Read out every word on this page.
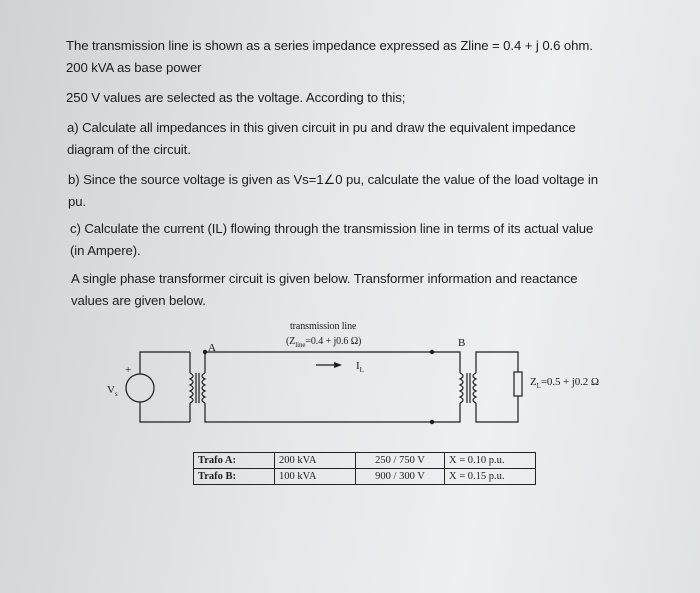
The transmission line is shown as a series impedance expressed as Zline = 0.4 + j 0.6 ohm.
200 kVA as base power
250 V values are selected as the voltage. According to this;
a) Calculate all impedances in this given circuit in pu and draw the equivalent impedance
diagram of the circuit.
b) Since the source voltage is given as Vs=1∠0 pu, calculate the value of the load voltage in
pu.
c) Calculate the current (IL) flowing through the transmission line in terms of its actual value
(in Ampere).
A single phase transformer circuit is given below. Transformer information and reactance
values are given below.
transmission line
($Z_{line}=0.4 + j0.6$ Ω)
A	B
$I_L$
+
$V_s$
$Z_L=0.5 + j0.2$ Ω
Trafo A:	200 kVA	250 / 750 V	X = 0.10 p.u.
Trafo B:	100 kVA	900 / 300 V	X = 0.15 p.u.
